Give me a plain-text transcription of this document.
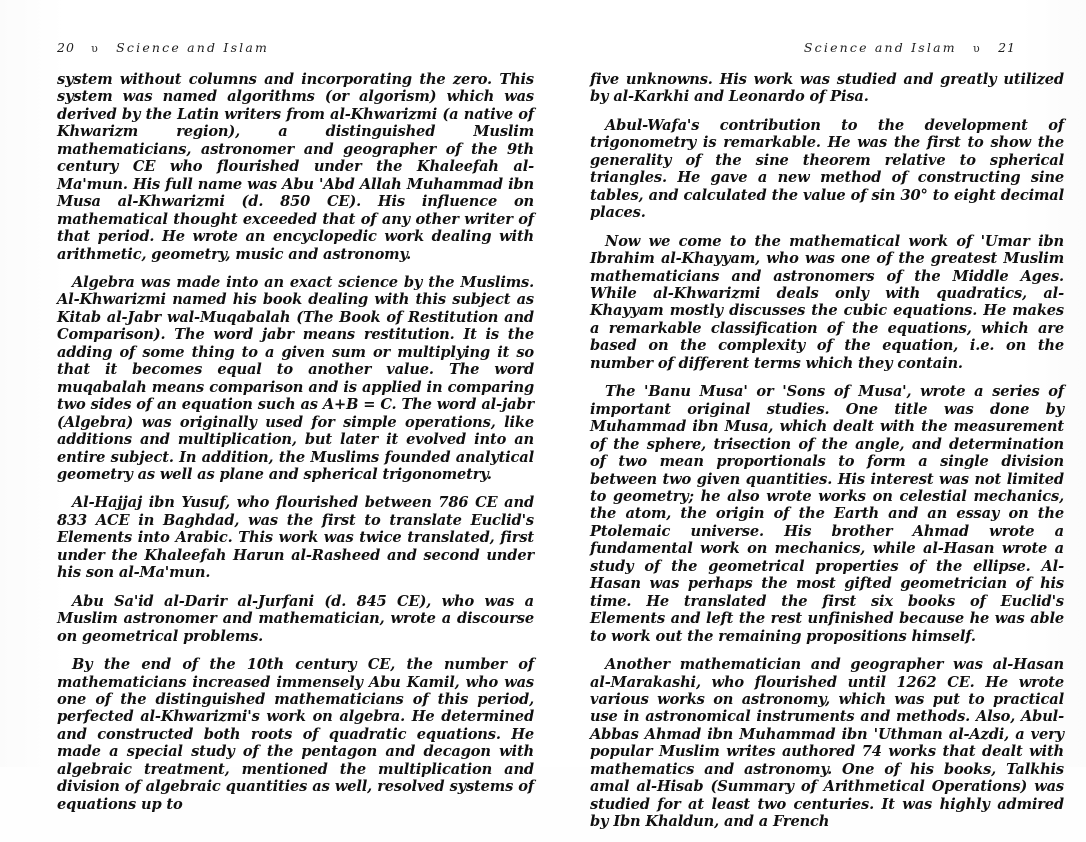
20 υ Science and Islam

system without columns and incorporating the zero. This system was named algorithms (or algorism) which was derived by the Latin writers from al-Khwarizmi (a native of Khwarizm region), a distinguished Muslim mathematicians, astronomer and geographer of the 9th century CE who flourished under the Khaleefah al-Ma'mun. His full name was Abu 'Abd Allah Muhammad ibn Musa al-Khwarizmi (d. 850 CE). His influence on mathematical thought exceeded that of any other writer of that period. He wrote an encyclopedic work dealing with arithmetic, geometry, music and astronomy.

Algebra was made into an exact science by the Muslims. Al-Khwarizmi named his book dealing with this subject as Kitab al-Jabr wal-Muqabalah (The Book of Restitution and Comparison). The word jabr means restitution. It is the adding of some thing to a given sum or multiplying it so that it becomes equal to another value. The word muqabalah means comparison and is applied in comparing two sides of an equation such as A+B = C. The word al-jabr (Algebra) was originally used for simple operations, like additions and multiplication, but later it evolved into an entire subject. In addition, the Muslims founded analytical geometry as well as plane and spherical trigonometry.

Al-Hajjaj ibn Yusuf, who flourished between 786 CE and 833 ACE in Baghdad, was the first to translate Euclid's Elements into Arabic. This work was twice translated, first under the Khaleefah Harun al-Rasheed and second under his son al-Ma'mun.

Abu Sa'id al-Darir al-Jurfani (d. 845 CE), who was a Muslim astronomer and mathematician, wrote a discourse on geometrical problems.

By the end of the 10th century CE, the number of mathematicians increased immensely Abu Kamil, who was one of the distinguished mathematicians of this period, perfected al-Khwarizmi's work on algebra. He determined and constructed both roots of quadratic equations. He made a special study of the pentagon and decagon with algebraic treatment, mentioned the multiplication and division of algebraic quantities as well, resolved systems of equations up to

Science and Islam υ 21

five unknowns. His work was studied and greatly utilized by al-Karkhi and Leonardo of Pisa.

Abul-Wafa's contribution to the development of trigonometry is remarkable. He was the first to show the generality of the sine theorem relative to spherical triangles. He gave a new method of constructing sine tables, and calculated the value of sin 30° to eight decimal places.

Now we come to the mathematical work of 'Umar ibn Ibrahim al-Khayyam, who was one of the greatest Muslim mathematicians and astronomers of the Middle Ages. While al-Khwarizmi deals only with quadratics, al-Khayyam mostly discusses the cubic equations. He makes a remarkable classification of the equations, which are based on the complexity of the equation, i.e. on the number of different terms which they contain.

The 'Banu Musa' or 'Sons of Musa', wrote a series of important original studies. One title was done by Muhammad ibn Musa, which dealt with the measurement of the sphere, trisection of the angle, and determination of two mean proportionals to form a single division between two given quantities. His interest was not limited to geometry; he also wrote works on celestial mechanics, the atom, the origin of the Earth and an essay on the Ptolemaic universe. His brother Ahmad wrote a fundamental work on mechanics, while al-Hasan wrote a study of the geometrical properties of the ellipse. Al-Hasan was perhaps the most gifted geometrician of his time. He translated the first six books of Euclid's Elements and left the rest unfinished because he was able to work out the remaining propositions himself.

Another mathematician and geographer was al-Hasan al-Marakashi, who flourished until 1262 CE. He wrote various works on astronomy, which was put to practical use in astronomical instruments and methods. Also, Abul-Abbas Ahmad ibn Muhammad ibn 'Uthman al-Azdi, a very popular Muslim writes authored 74 works that dealt with mathematics and astronomy. One of his books, Talkhis amal al-Hisab (Summary of Arithmetical Operations) was studied for at least two centuries. It was highly admired by Ibn Khaldun, and a French
